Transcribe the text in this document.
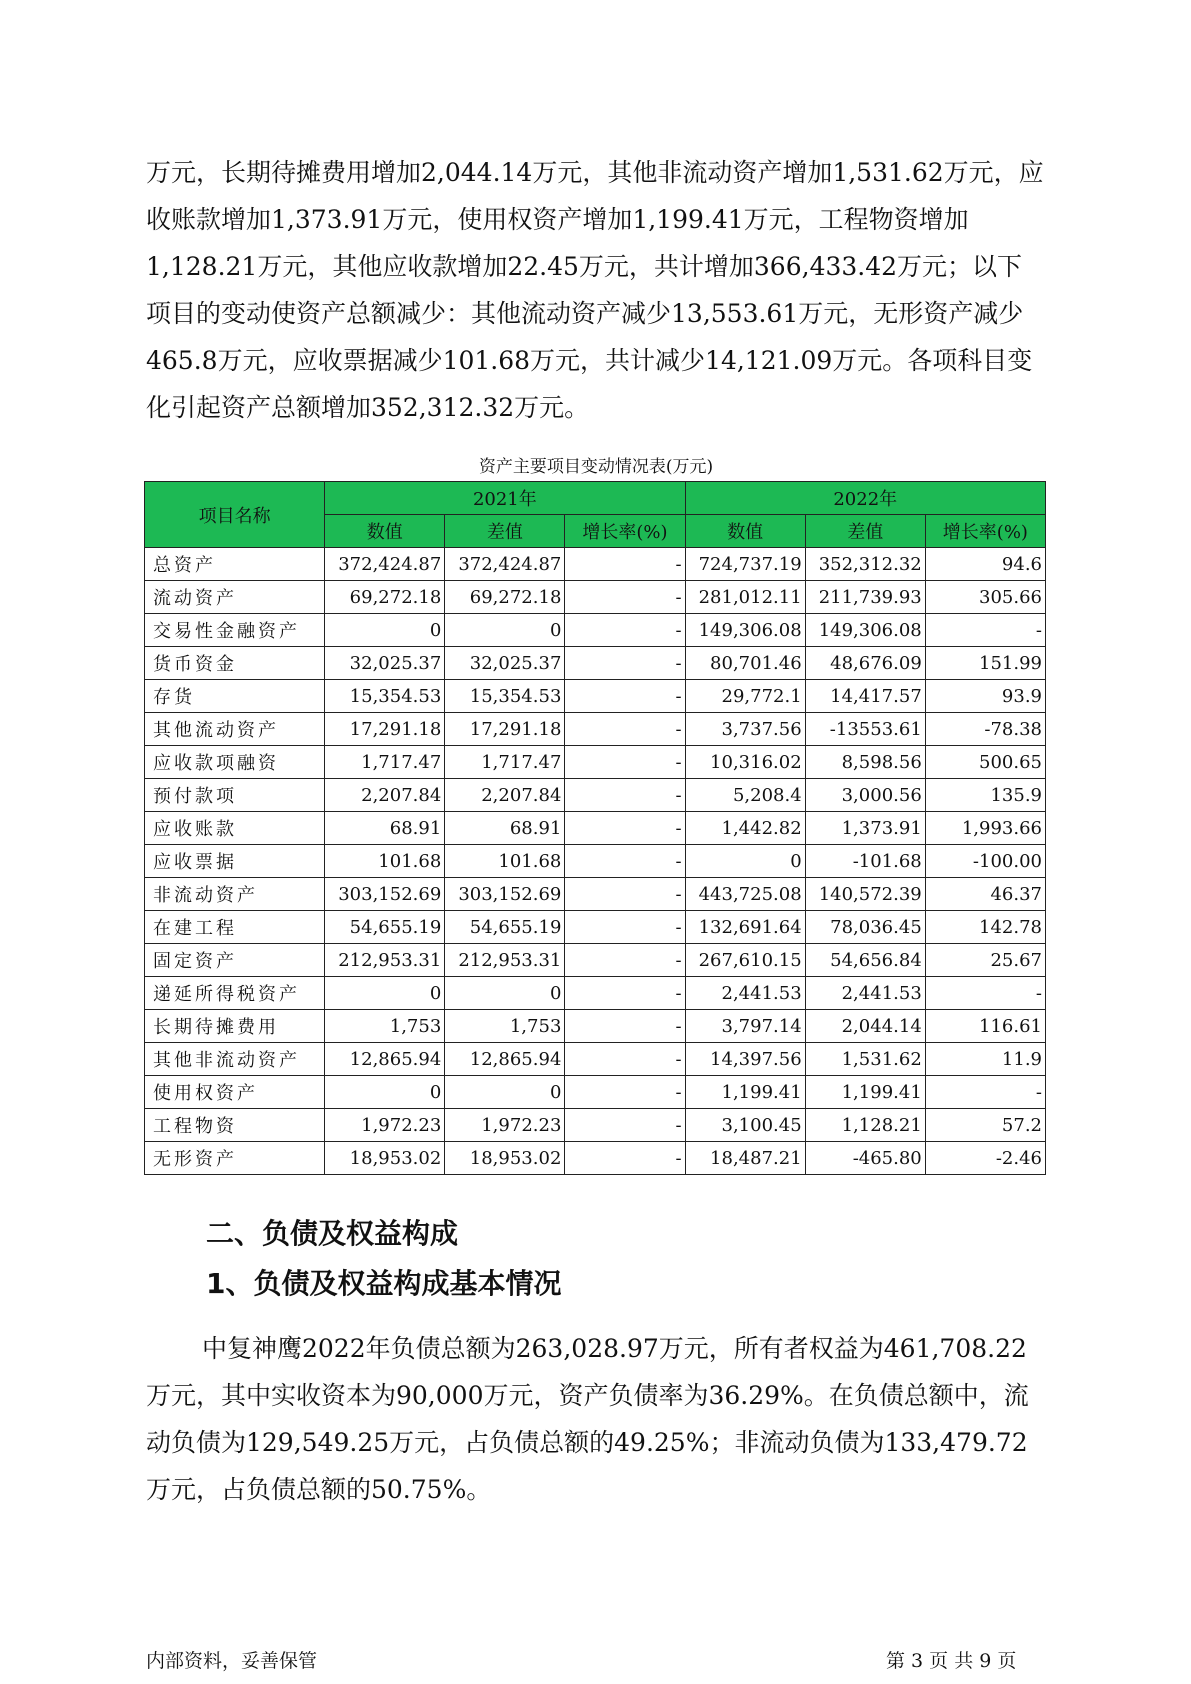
万元，长期待摊费用增加2,044.14万元，其他非流动资产增加1,531.62万元，应收账款增加1,373.91万元，使用权资产增加1,199.41万元，工程物资增加1,128.21万元，其他应收款增加22.45万元，共计增加366,433.42万元；以下项目的变动使资产总额减少：其他流动资产减少13,553.61万元，无形资产减少465.8万元，应收票据减少101.68万元，共计减少14,121.09万元。各项科目变化引起资产总额增加352,312.32万元。

资产主要项目变动情况表(万元)
项目名称	2021年			2022年		
	数值	差值	增长率(%)	数值	差值	增长率(%)
总资产	372,424.87	372,424.87	-	724,737.19	352,312.32	94.6
流动资产	69,272.18	69,272.18	-	281,012.11	211,739.93	305.66
交易性金融资产	0	0	-	149,306.08	149,306.08	-
货币资金	32,025.37	32,025.37	-	80,701.46	48,676.09	151.99
存货	15,354.53	15,354.53	-	29,772.1	14,417.57	93.9
其他流动资产	17,291.18	17,291.18	-	3,737.56	-13553.61	-78.38
应收款项融资	1,717.47	1,717.47	-	10,316.02	8,598.56	500.65
预付款项	2,207.84	2,207.84	-	5,208.4	3,000.56	135.9
应收账款	68.91	68.91	-	1,442.82	1,373.91	1,993.66
应收票据	101.68	101.68	-	0	-101.68	-100.00
非流动资产	303,152.69	303,152.69	-	443,725.08	140,572.39	46.37
在建工程	54,655.19	54,655.19	-	132,691.64	78,036.45	142.78
固定资产	212,953.31	212,953.31	-	267,610.15	54,656.84	25.67
递延所得税资产	0	0	-	2,441.53	2,441.53	-
长期待摊费用	1,753	1,753	-	3,797.14	2,044.14	116.61
其他非流动资产	12,865.94	12,865.94	-	14,397.56	1,531.62	11.9
使用权资产	0	0	-	1,199.41	1,199.41	-
工程物资	1,972.23	1,972.23	-	3,100.45	1,128.21	57.2
无形资产	18,953.02	18,953.02	-	18,487.21	-465.80	-2.46
二、负债及权益构成
1、负债及权益构成基本情况

中复神鹰2022年负债总额为263,028.97万元，所有者权益为461,708.22万元，其中实收资本为90,000万元，资产负债率为36.29%。在负债总额中，流动负债为129,549.25万元，占负债总额的49.25%；非流动负债为133,479.72万元，占负债总额的50.75%。

内部资料，妥善保管	第 3 页 共 9 页
